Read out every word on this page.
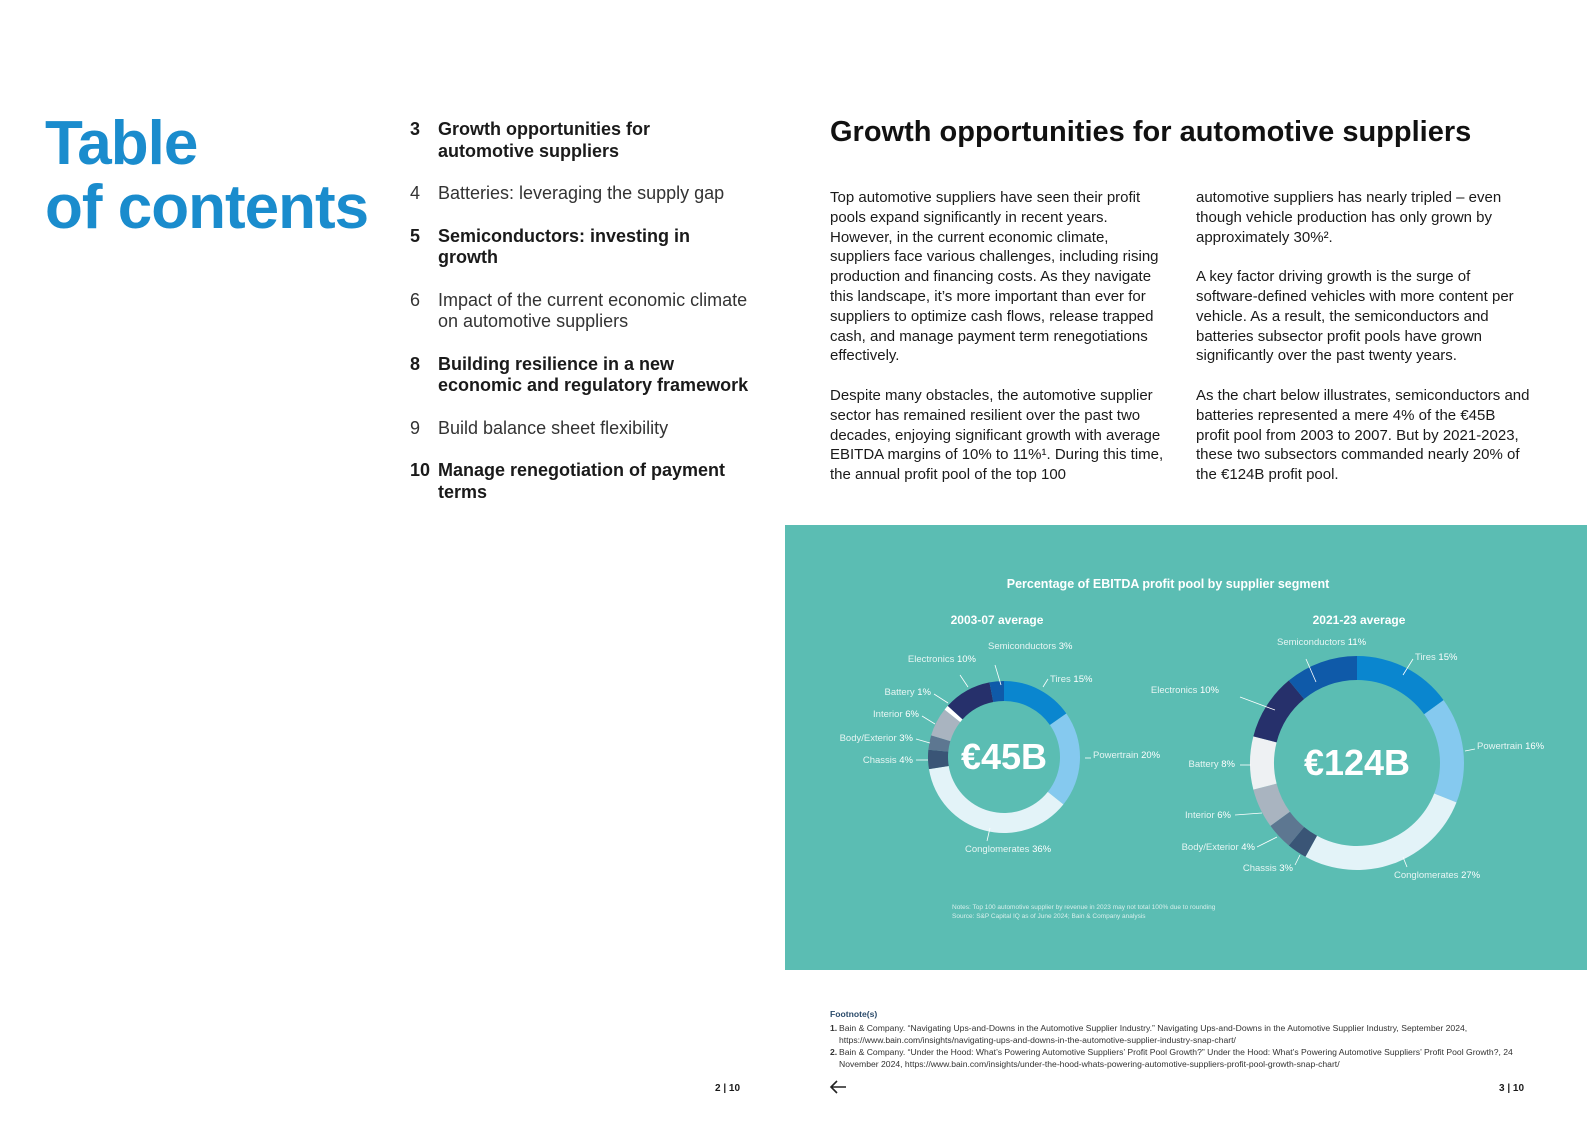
Table
of contents
3 Growth opportunities for automotive suppliers
4 Batteries: leveraging the supply gap
5 Semiconductors: investing in growth
6 Impact of the current economic climate on automotive suppliers
8 Building resilience in a new economic and regulatory framework
9 Build balance sheet flexibility
10 Manage renegotiation of payment terms
2 | 10
Growth opportunities for automotive suppliers

Top automotive suppliers have seen their profit pools expand significantly in recent years. However, in the current economic climate, suppliers face various challenges, including rising production and financing costs. As they navigate this landscape, it’s more important than ever for suppliers to optimize cash flows, release trapped cash, and manage payment term renegotiations effectively.

Despite many obstacles, the automotive supplier sector has remained resilient over the past two decades, enjoying significant growth with average EBITDA margins of 10% to 11%¹. During this time, the annual profit pool of the top 100

automotive suppliers has nearly tripled – even though vehicle production has only grown by approximately 30%².

A key factor driving growth is the surge of software-defined vehicles with more content per vehicle. As a result, the semiconductors and batteries subsector profit pools have grown significantly over the past twenty years.

As the chart below illustrates, semiconductors and batteries represented a mere 4% of the €45B profit pool from 2003 to 2007. But by 2021-2023, these two subsectors commanded nearly 20% of the €124B profit pool.

Percentage of EBITDA profit pool by supplier segment
Tires 15%
Powertrain 20%
Conglomerates 36%
Chassis 4%
Body/Exterior 3%
Interior 6%
Battery 1%
Electronics 10%
Semiconductors 3%
2003-07 average
€45B
Tires 15%
Powertrain 16%
Conglomerates 27%
Chassis 3%
Body/Exterior 4%
Interior 6%
Battery 8%
Electronics 10%
Semiconductors 11%
2021-23 average
€124B
Notes: Top 100 automotive supplier by revenue in 2023 may not total 100% due to rounding
Source: S&P Capital IQ as of June 2024; Bain & Company analysis
Footnote(s)
1. Bain & Company. “Navigating Ups-and-Downs in the Automotive Supplier Industry.” Navigating Ups-and-Downs in the Automotive Supplier Industry, September 2024, https://www.bain.com/insights/navigating-ups-and-downs-in-the-automotive-supplier-industry-snap-chart/
2. Bain & Company. “Under the Hood: What’s Powering Automotive Suppliers’ Profit Pool Growth?” Under the Hood: What’s Powering Automotive Suppliers’ Profit Pool Growth?, 24 November 2024, https://www.bain.com/insights/under-the-hood-whats-powering-automotive-suppliers-profit-pool-growth-snap-chart/
3 | 10
